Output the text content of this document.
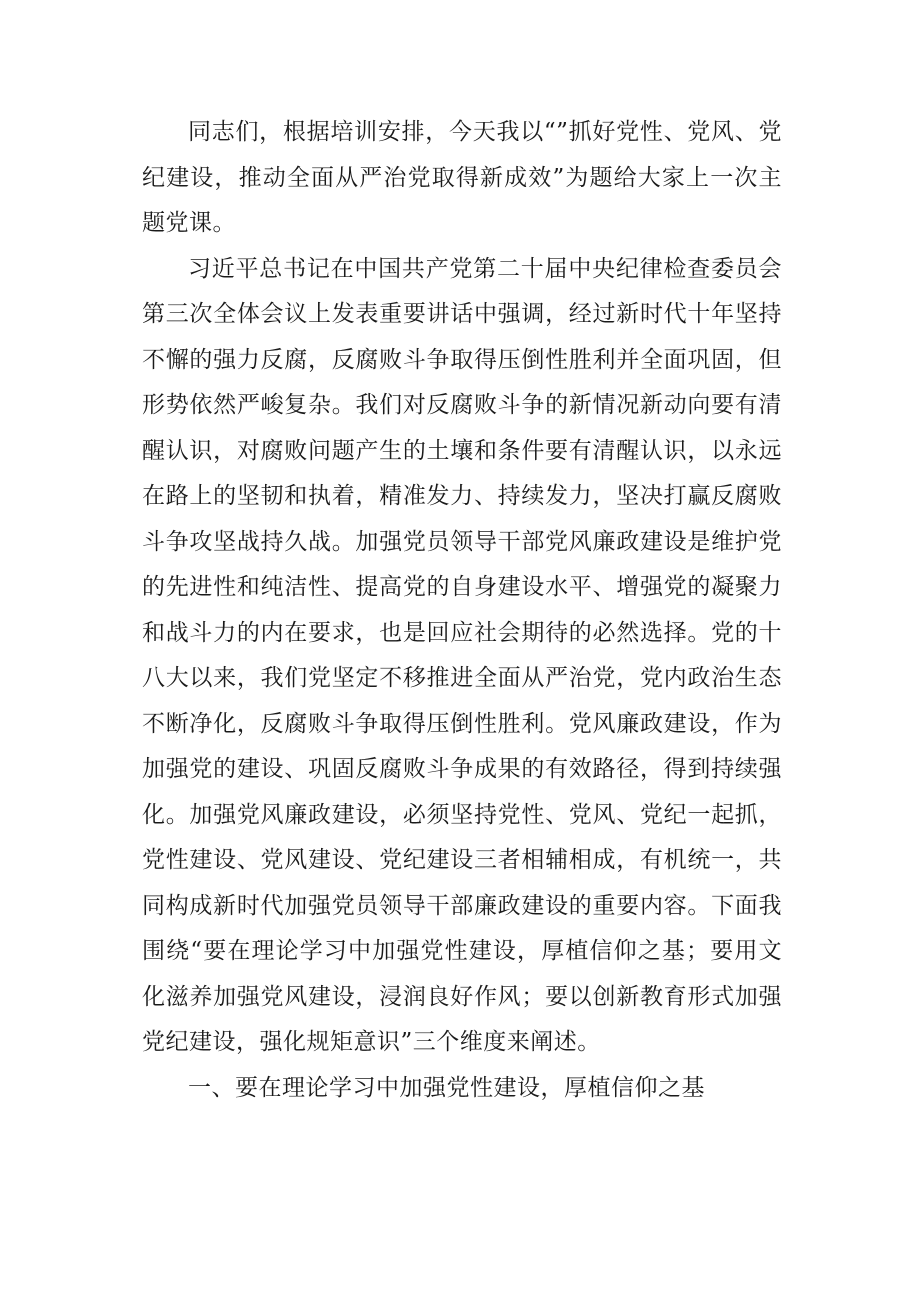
同志们，根据培训安排，今天我以“”抓好党性、党风、党纪建设，推动全面从严治党取得新成效”为题给大家上一次主题党课。

习近平总书记在中国共产党第二十届中央纪律检查委员会第三次全体会议上发表重要讲话中强调，经过新时代十年坚持不懈的强力反腐，反腐败斗争取得压倒性胜利并全面巩固，但形势依然严峻复杂。我们对反腐败斗争的新情况新动向要有清醒认识，对腐败问题产生的土壤和条件要有清醒认识，以永远在路上的坚韧和执着，精准发力、持续发力，坚决打赢反腐败斗争攻坚战持久战。加强党员领导干部党风廉政建设是维护党的先进性和纯洁性、提高党的自身建设水平、增强党的凝聚力和战斗力的内在要求，也是回应社会期待的必然选择。党的十八大以来，我们党坚定不移推进全面从严治党，党内政治生态不断净化，反腐败斗争取得压倒性胜利。党风廉政建设，作为加强党的建设、巩固反腐败斗争成果的有效路径，得到持续强化。加强党风廉政建设，必须坚持党性、党风、党纪一起抓，党性建设、党风建设、党纪建设三者相辅相成，有机统一，共同构成新时代加强党员领导干部廉政建设的重要内容。下面我围绕“要在理论学习中加强党性建设，厚植信仰之基；要用文化滋养加强党风建设，浸润良好作风；要以创新教育形式加强党纪建设，强化规矩意识”三个维度来阐述。

一、要在理论学习中加强党性建设，厚植信仰之基
